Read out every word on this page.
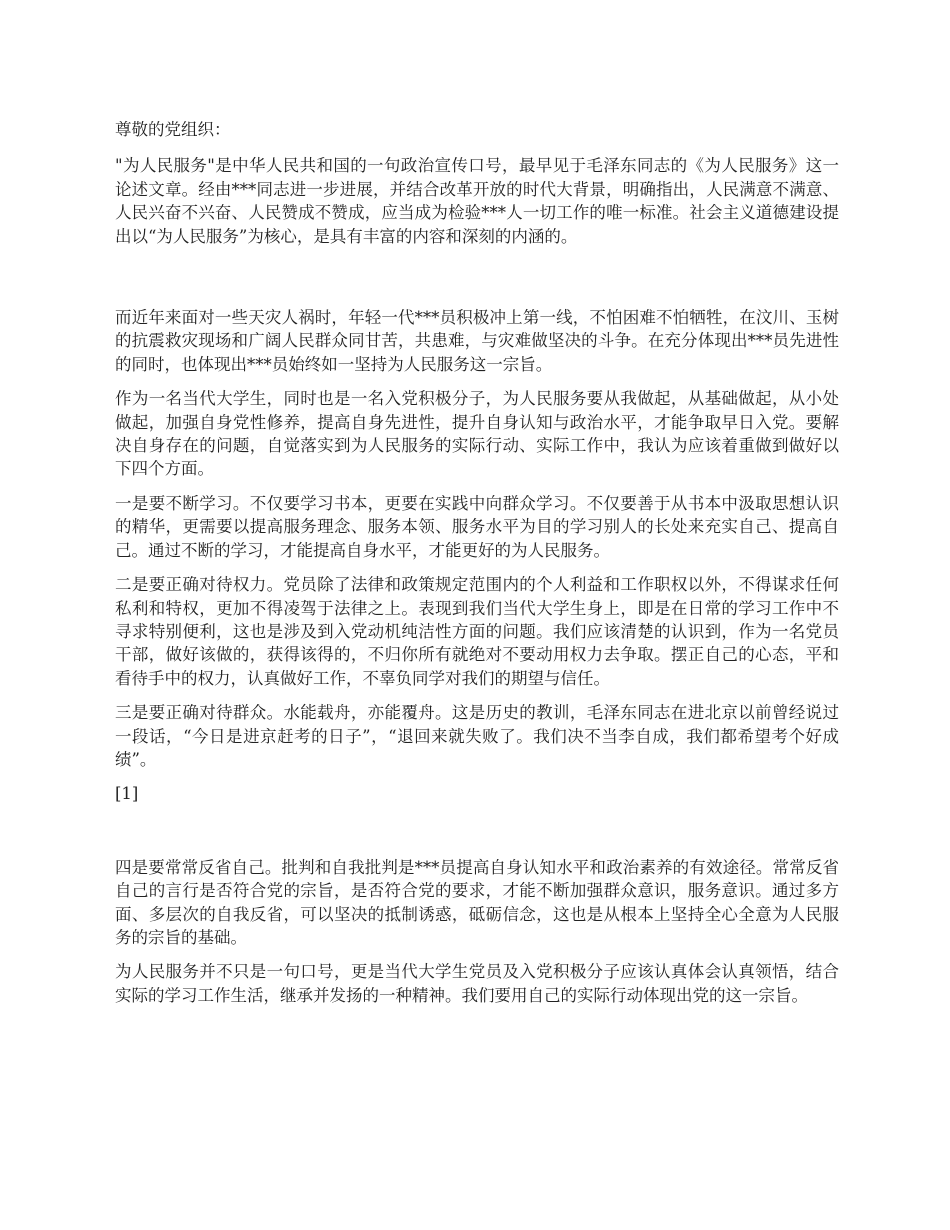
尊敬的党组织：

"为人民服务"是中华人民共和国的一句政治宣传口号，最早见于毛泽东同志的《为人民服务》这一论述文章。经由***同志进一步进展，并结合改革开放的时代大背景，明确指出，人民满意不满意、人民兴奋不兴奋、人民赞成不赞成，应当成为检验***人一切工作的唯一标准。社会主义道德建设提出以“为人民服务”为核心，是具有丰富的内容和深刻的内涵的。

而近年来面对一些天灾人祸时，年轻一代***员积极冲上第一线，不怕困难不怕牺牲，在汶川、玉树的抗震救灾现场和广阔人民群众同甘苦，共患难，与灾难做坚决的斗争。在充分体现出***员先进性的同时，也体现出***员始终如一坚持为人民服务这一宗旨。

作为一名当代大学生，同时也是一名入党积极分子，为人民服务要从我做起，从基础做起，从小处做起，加强自身党性修养，提高自身先进性，提升自身认知与政治水平，才能争取早日入党。要解决自身存在的问题，自觉落实到为人民服务的实际行动、实际工作中，我认为应该着重做到做好以下四个方面。

一是要不断学习。不仅要学习书本，更要在实践中向群众学习。不仅要善于从书本中汲取思想认识的精华，更需要以提高服务理念、服务本领、服务水平为目的学习别人的长处来充实自己、提高自己。通过不断的学习，才能提高自身水平，才能更好的为人民服务。

二是要正确对待权力。党员除了法律和政策规定范围内的个人利益和工作职权以外，不得谋求任何私利和特权，更加不得凌驾于法律之上。表现到我们当代大学生身上，即是在日常的学习工作中不寻求特别便利，这也是涉及到入党动机纯洁性方面的问题。我们应该清楚的认识到，作为一名党员干部，做好该做的，获得该得的，不归你所有就绝对不要动用权力去争取。摆正自己的心态，平和看待手中的权力，认真做好工作，不辜负同学对我们的期望与信任。

三是要正确对待群众。水能载舟，亦能覆舟。这是历史的教训，毛泽东同志在进北京以前曾经说过一段话，“今日是进京赶考的日子”，“退回来就失败了。我们决不当李自成，我们都希望考个好成绩”。

[1]

四是要常常反省自己。批判和自我批判是***员提高自身认知水平和政治素养的有效途径。常常反省自己的言行是否符合党的宗旨，是否符合党的要求，才能不断加强群众意识，服务意识。通过多方面、多层次的自我反省，可以坚决的抵制诱惑，砥砺信念，这也是从根本上坚持全心全意为人民服务的宗旨的基础。

为人民服务并不只是一句口号，更是当代大学生党员及入党积极分子应该认真体会认真领悟，结合实际的学习工作生活，继承并发扬的一种精神。我们要用自己的实际行动体现出党的这一宗旨。
